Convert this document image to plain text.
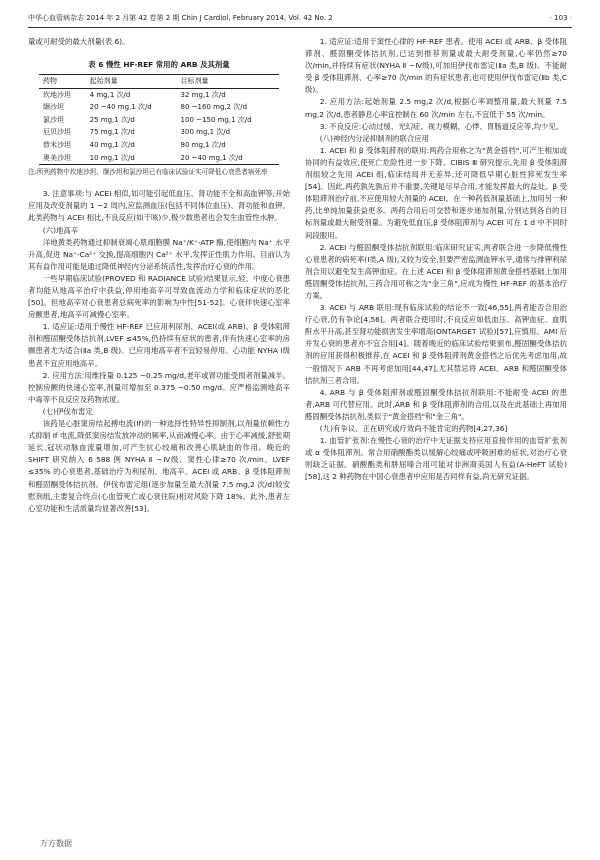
中华心血管病杂志 2014 年 2 月第 42 卷第 2 期 Chin J Cardiol, February 2014, Vol. 42 No. 2	· 103 ·

量或可耐受的最大剂量(表 6)。

表 6 慢性 HF-REF 常用的 ARB 及其剂量
药物	起始剂量	目标剂量
坎地沙坦	4 mg,1 次/d	32 mg,1 次/d
缬沙坦	20 ~40 mg,1 次/d	80 ~160 mg,2 次/d
氯沙坦	25 mg,1 次/d	100 ~150 mg,1 次/d
厄贝沙坦	75 mg,1 次/d	300 mg,1 次/d
替米沙坦	40 mg,1 次/d	80 mg,1 次/d
奥美沙坦	10 mg,1 次/d	20 ~40 mg,1 次/d
注:所列药物中坎地沙坦、缬沙坦和氯沙坦已有临床试验证实可降低心衰患者病死率

3. 注意事项:与 ACEI 相似,如可能引起低血压、肾功能不全和高血钾等;开始应用及改变剂量的 1 ~2 周内,应监测血压(包括不同体位血压)、肾功能和血钾。此类药物与 ACEI 相比,不良反应(如干咳)少,极少数患者也会发生血管性水肿。

(六)地高辛

洋地黄类药物通过抑制衰竭心肌细胞膜 Na⁺/K⁺-ATP 酶,使细胞内 Na⁺ 水平升高,促进 Na⁺-Ca²⁺ 交换,提高细胞内 Ca²⁺ 水平,发挥正性肌力作用。目前认为其有益作用可能是通过降低神经内分泌系统活性,发挥治疗心衰的作用。

一些早期临床试验(PROVED 和 RADIANCE 试验)结果显示,轻、中度心衰患者均能从地高辛治疗中获益,停用地高辛可导致血流动力学和临床症状的恶化[50]。但地高辛对心衰患者总病死率的影响为中性[51-52]。心衰伴快速心室率房颤患者,地高辛可减慢心室率。

1. 适应证:适用于慢性 HF-REF 已应用利尿剂、ACEI(或 ARB)、β 受体阻滞剂和醛固酮受体拮抗剂,LVEF ≤45%,仍持续有症状的患者,伴有快速心室率的房颤患者尤为适合(Ⅱa 类,B 级)。已应用地高辛者不宜轻易停用。心功能 NYHA Ⅰ级患者不宜应用地高辛。

2. 应用方法:用维持量 0.125 ~0.25 mg/d,老年或肾功能受损者剂量减半。控制房颤的快速心室率,剂量可增加至 0.375 ~0.50 mg/d。应严格监测地高辛中毒等不良反应及药物浓度。

(七)伊伐布雷定

该药是心脏窦房结起搏电流(If)的一种选择性特异性抑制剂,以剂量依赖性方式抑制 If 电流,降低窦房结发放冲动的频率,从而减慢心率。由于心率减缓,舒张期延长,冠状动脉血流量增加,可产生抗心绞痛和改善心肌缺血的作用。晚近的 SHIFT 研究纳入 6 588 例 NYHA Ⅱ ~Ⅳ级、窦性心律≥70 次/min、LVEF ≤35% 的心衰患者,基础治疗为利尿剂、地高辛、ACEI 或 ARB、β 受体阻滞剂和醛固酮受体拮抗剂。伊伐布雷定组(逐步加量至最大剂量 7.5 mg,2 次/d)较安慰剂组,主要复合终点(心血管死亡或心衰住院)相对风险下降 18%。此外,患者左心室功能和生活质量均显著改善[53]。

1. 适应证:适用于窦性心律的 HF-REF 患者。使用 ACEI 或 ARB、β 受体阻滞剂、醛固酮受体拮抗剂,已达到推荐剂量或最大耐受剂量,心率仍然≥70 次/min,并持续有症状(NYHA Ⅱ ~Ⅳ级),可加用伊伐布雷定(Ⅱa 类,B 级)。不能耐受 β 受体阻滞剂、心率≥70 次/min 的有症状患者,也可使用伊伐布雷定(Ⅱb 类,C 级)。

2. 应用方法:起始剂量 2.5 mg,2 次/d,根据心率调整用量,最大剂量 7.5 mg,2 次/d,患者静息心率宜控制在 60 次/min 左右,不宜低于 55 次/min。

3. 不良反应:心动过缓、光幻症、视力模糊、心悸、胃肠道反应等,均少见。

(八)神经内分泌抑制剂的联合应用

1. ACEI 和 β 受体阻滞剂的联用:两药合用称之为"黄金搭档",可产生相加或协同的有益效应,使死亡危险性进一步下降。CIBIS Ⅲ 研究提示,先用 β 受体阻滞剂组较之先用 ACEI 组,临床结局并无差异,还可降低早期心脏性猝死发生率[54]。因此,两药孰先孰后并不重要,关键是尽早合用,才能发挥最大的益处。β 受体阻滞剂治疗前,不应使用较大剂量的 ACEI。在一种药低剂量基础上,加用另一种药,比单纯加量获益更多。两药合用后可交替和逐步递加剂量,分别达到各自的目标剂量或最大耐受剂量。为避免低血压,β 受体阻滞剂与 ACEI 可在 1 d 中不同时间段服用。

2. ACEI 与醛固酮受体拮抗剂联用:临床研究证实,两者联合进一步降低慢性心衰患者的病死率(Ⅰ类,A 级),又较为安全,但要严密监测血钾水平,通常与排钾利尿剂合用以避免发生高钾血症。在上述 ACEI 和 β 受体阻滞剂黄金搭档基础上加用醛固酮受体拮抗剂,三药合用可称之为"金三角",应成为慢性 HF-REF 的基本治疗方案。

3. ACEI 与 ARB 联用:现有临床试验的结论不一致[46,55],两者能否合用治疗心衰,仍有争论[4,56]。两者联合使用时,不良反应如低血压、高钾血症、血肌酐水平升高,甚至肾功能损害发生率增高(ONTARGET 试验)[57],应慎用。AMI 后并发心衰的患者亦不宜合用[4]。随着晚近的临床试验结果颁布,醛固酮受体拮抗剂的应用获得积极推荐,在 ACEI 和 β 受体阻滞剂黄金搭档之后优先考虑加用,故一般情况下 ARB 不再考虑加用[44,47],尤其禁忌将 ACEI、ARB 和醛固酮受体拮抗剂三者合用。

4. ARB 与 β 受体阻滞剂或醛固酮受体拮抗剂联用:不能耐受 ACEI 的患者,ARB 可代替应用。此时,ARB 和 β 受体阻滞剂的合用,以及在此基础上再加用醛固酮受体拮抗剂,类似于"黄金搭档"和"金三角"。

(九)有争议、正在研究或疗效尚不能肯定的药物[4,27,36]

1. 血管扩张剂:在慢性心衰的治疗中无证据支持应用直接作用的血管扩张剂或 α 受体阻滞剂。常合用硝酸酯类以缓解心绞痛或呼吸困难的症状,对治疗心衰则缺乏证据。硝酸酯类和肼屈嗪合用可能对非洲裔美国人有益(A-HeFT 试验)[58],这 2 种药物在中国心衰患者中应用是否同样有益,尚无研究证据。

万方数据
